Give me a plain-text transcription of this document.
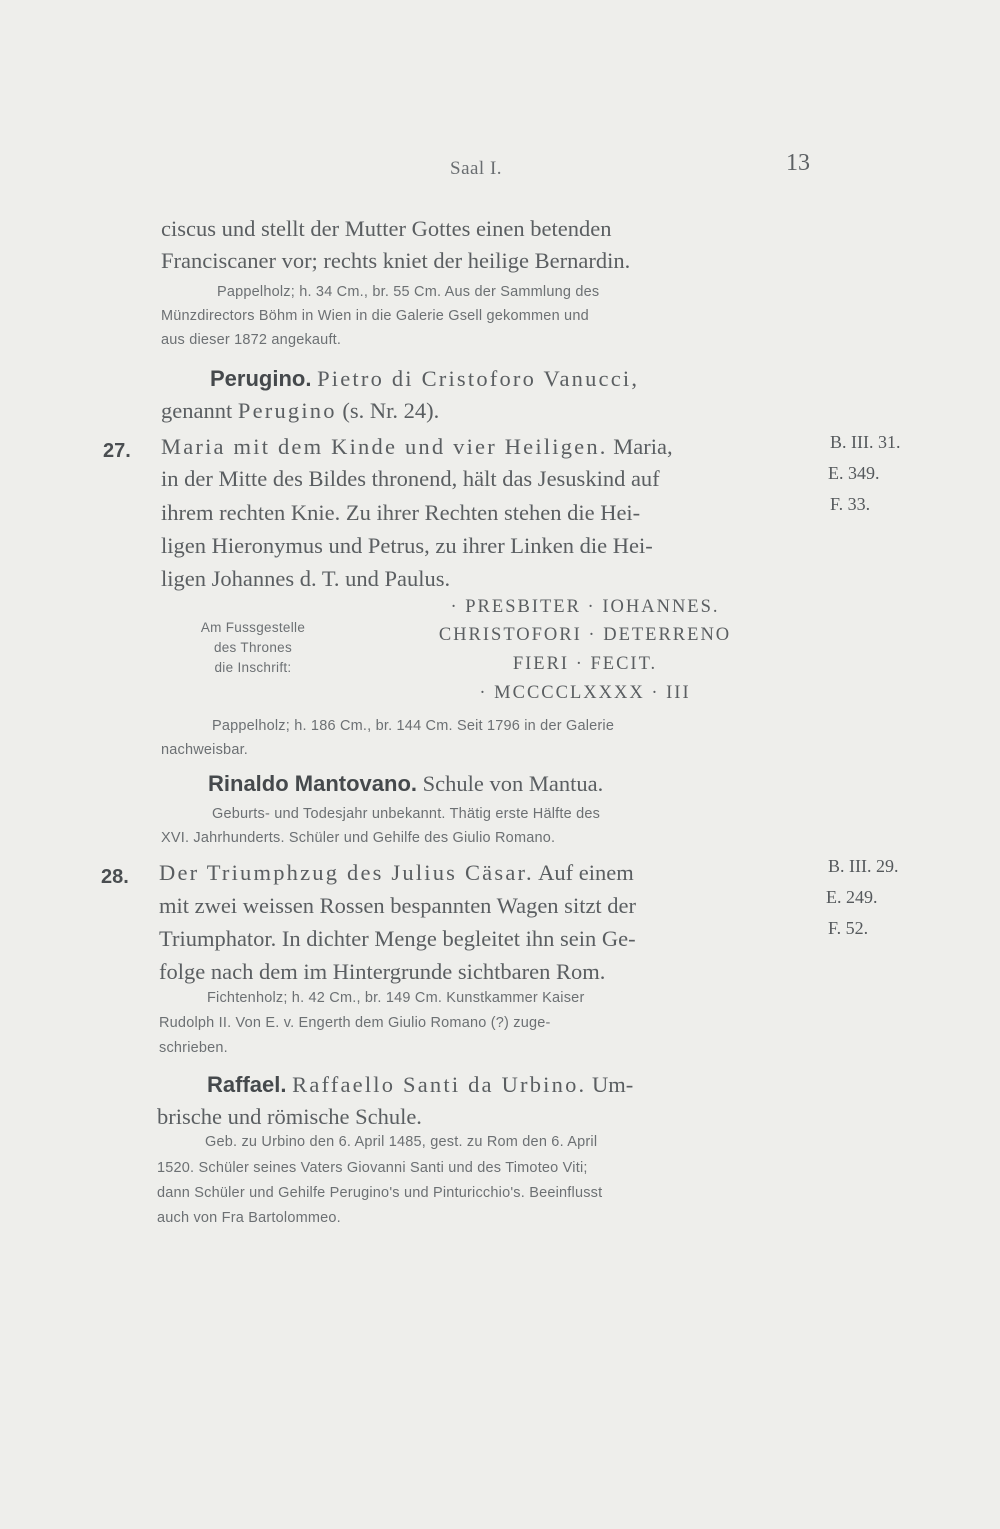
Saal I.	13
ciscus und stellt der Mutter Gottes einen betenden
Franciscaner vor; rechts kniet der heilige Bernardin.
Pappelholz; h. 34 Cm., br. 55 Cm. Aus der Sammlung des
Münzdirectors Böhm in Wien in die Galerie Gsell gekommen und
aus dieser 1872 angekauft.
Perugino. Pietro di Cristoforo Vanucci,
genannt Perugino (s. Nr. 24).
27. Maria mit dem Kinde und vier Heiligen. Maria,
in der Mitte des Bildes thronend, hält das Jesuskind auf
ihrem rechten Knie. Zu ihrer Rechten stehen die Hei-
ligen Hieronymus und Petrus, zu ihrer Linken die Hei-
ligen Johannes d. T. und Paulus.
B. III. 31.
E. 349.
F. 33.
Am Fussgestelle
des Thrones
die Inschrift:
· PRESBITER · IOHANNES.
CHRISTOFORI · DETERRENO
FIERI · FECIT.
· MCCCCLXXXX · III
Pappelholz; h. 186 Cm., br. 144 Cm. Seit 1796 in der Galerie
nachweisbar.
Rinaldo Mantovano. Schule von Mantua.
Geburts- und Todesjahr unbekannt. Thätig erste Hälfte des
XVI. Jahrhunderts. Schüler und Gehilfe des Giulio Romano.
28. Der Triumphzug des Julius Cäsar. Auf einem
mit zwei weissen Rossen bespannten Wagen sitzt der
Triumphator. In dichter Menge begleitet ihn sein Ge-
folge nach dem im Hintergrunde sichtbaren Rom.
B. III. 29.
E. 249.
F. 52.
Fichtenholz; h. 42 Cm., br. 149 Cm. Kunstkammer Kaiser
Rudolph II. Von E. v. Engerth dem Giulio Romano (?) zuge-
schrieben.
Raffael. Raffaello Santi da Urbino. Um-
brische und römische Schule.
Geb. zu Urbino den 6. April 1485, gest. zu Rom den 6. April
1520. Schüler seines Vaters Giovanni Santi und des Timoteo Viti;
dann Schüler und Gehilfe Perugino's und Pinturicchio's. Beeinflusst
auch von Fra Bartolommeo.
